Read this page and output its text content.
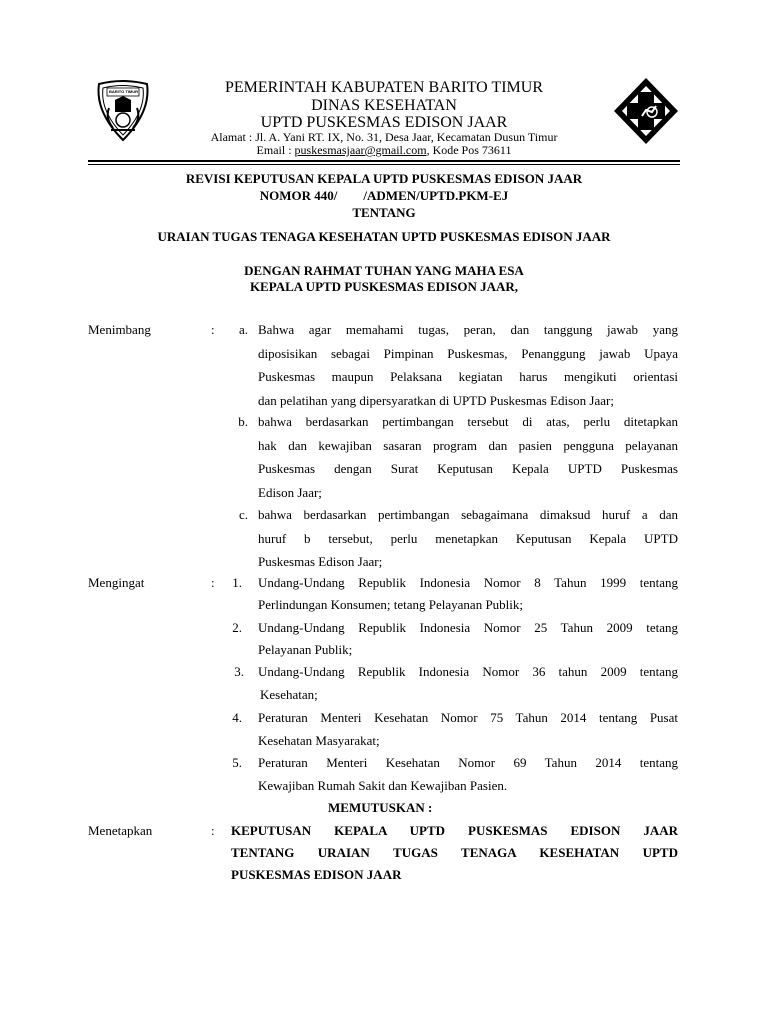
BARITO TIMUR	PEMERINTAH KABUPATEN BARITO TIMUR
DINAS KESEHATAN
UPTD PUSKESMAS EDISON JAAR
Alamat : Jl. A. Yani RT. IX, No. 31, Desa Jaar, Kecamatan Dusun Timur
Email : puskesmasjaar@gmail.com, Kode Pos 73611
REVISI KEPUTUSAN KEPALA UPTD PUSKESMAS EDISON JAAR
NOMOR 440/        /ADMEN/UPTD.PKM-EJ
TENTANG
URAIAN TUGAS TENAGA KESEHATAN UPTD PUSKESMAS EDISON JAAR
DENGAN RAHMAT TUHAN YANG MAHA ESA
KEPALA UPTD PUSKESMAS EDISON JAAR,
Menimbang	:	a. Bahwa agar memahami tugas, peran, dan tanggung jawab yang
diposisikan sebagai Pimpinan Puskesmas, Penanggung jawab Upaya
Puskesmas maupun Pelaksana kegiatan harus mengikuti orientasi
dan pelatihan yang dipersyaratkan di UPTD Puskesmas Edison Jaar;
b. bahwa berdasarkan pertimbangan tersebut di atas, perlu ditetapkan
hak dan kewajiban sasaran program dan pasien pengguna pelayanan
Puskesmas dengan Surat Keputusan Kepala UPTD Puskesmas
Edison Jaar;
c. bahwa berdasarkan pertimbangan sebagaimana dimaksud huruf a dan
huruf b tersebut, perlu menetapkan Keputusan Kepala UPTD
Puskesmas Edison Jaar;
Mengingat	:	1. Undang-Undang Republik Indonesia Nomor 8 Tahun 1999 tentang
Perlindungan Konsumen; tetang Pelayanan Publik;
2. Undang-Undang Republik Indonesia Nomor 25 Tahun 2009 tetang
Pelayanan Publik;
3. Undang-Undang Republik Indonesia Nomor 36 tahun 2009 tentang
Kesehatan;
4. Peraturan Menteri Kesehatan Nomor 75 Tahun 2014 tentang Pusat
Kesehatan Masyarakat;
5. Peraturan Menteri Kesehatan Nomor 69 Tahun 2014 tentang
Kewajiban Rumah Sakit dan Kewajiban Pasien.
MEMUTUSKAN :
Menetapkan	: KEPUTUSAN KEPALA UPTD PUSKESMAS EDISON JAAR
TENTANG URAIAN TUGAS TENAGA KESEHATAN UPTD
PUSKESMAS EDISON JAAR
